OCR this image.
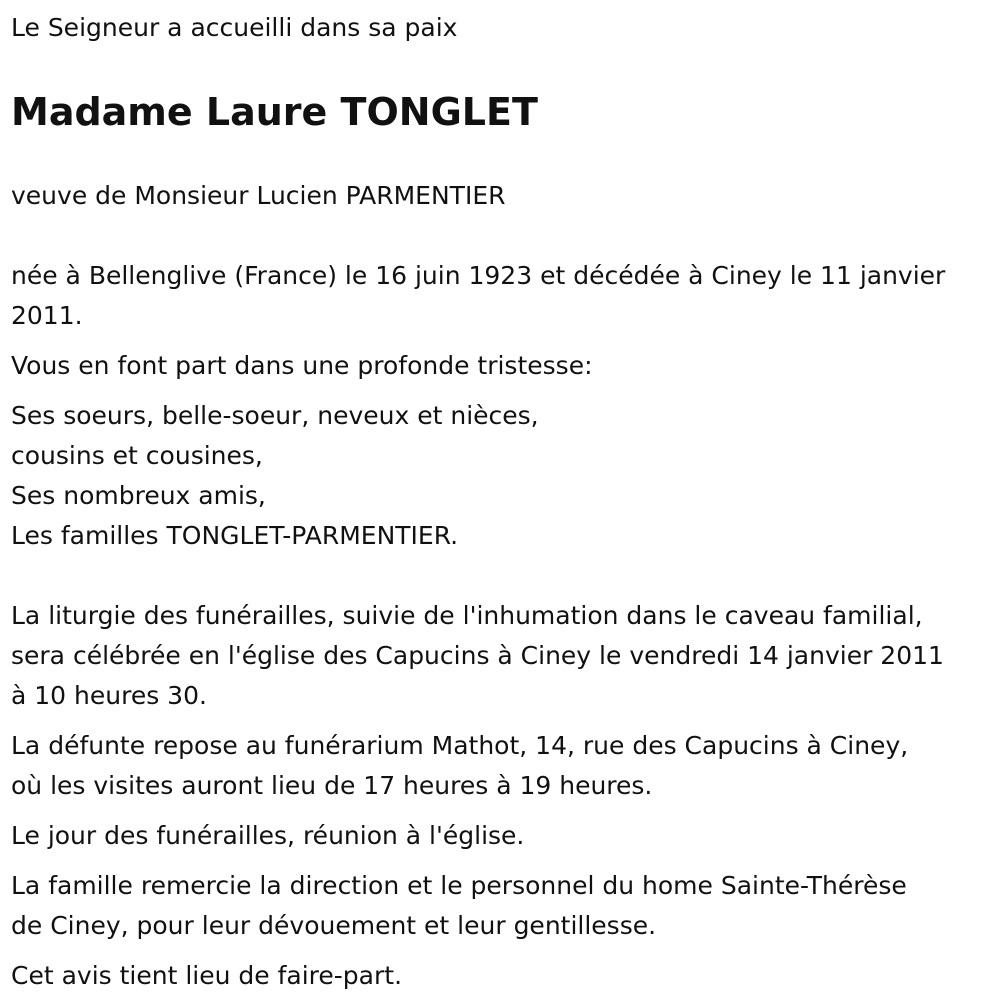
Le Seigneur a accueilli dans sa paix

Madame Laure TONGLET

veuve de Monsieur Lucien PARMENTIER

née à Bellenglive (France) le 16 juin 1923 et décédée à Ciney le 11 janvier 2011.

Vous en font part dans une profonde tristesse:

Ses soeurs, belle-soeur, neveux et nièces,

cousins et cousines,

Ses nombreux amis,

Les familles TONGLET-PARMENTIER.

La liturgie des funérailles, suivie de l'inhumation dans le caveau familial,

sera célébrée en l'église des Capucins à Ciney le vendredi 14 janvier 2011

à 10 heures 30.

La défunte repose au funérarium Mathot, 14, rue des Capucins à Ciney,

où les visites auront lieu de 17 heures à 19 heures.

Le jour des funérailles, réunion à l'église.

La famille remercie la direction et le personnel du home Sainte-Thérèse

de Ciney, pour leur dévouement et leur gentillesse.

Cet avis tient lieu de faire-part.
